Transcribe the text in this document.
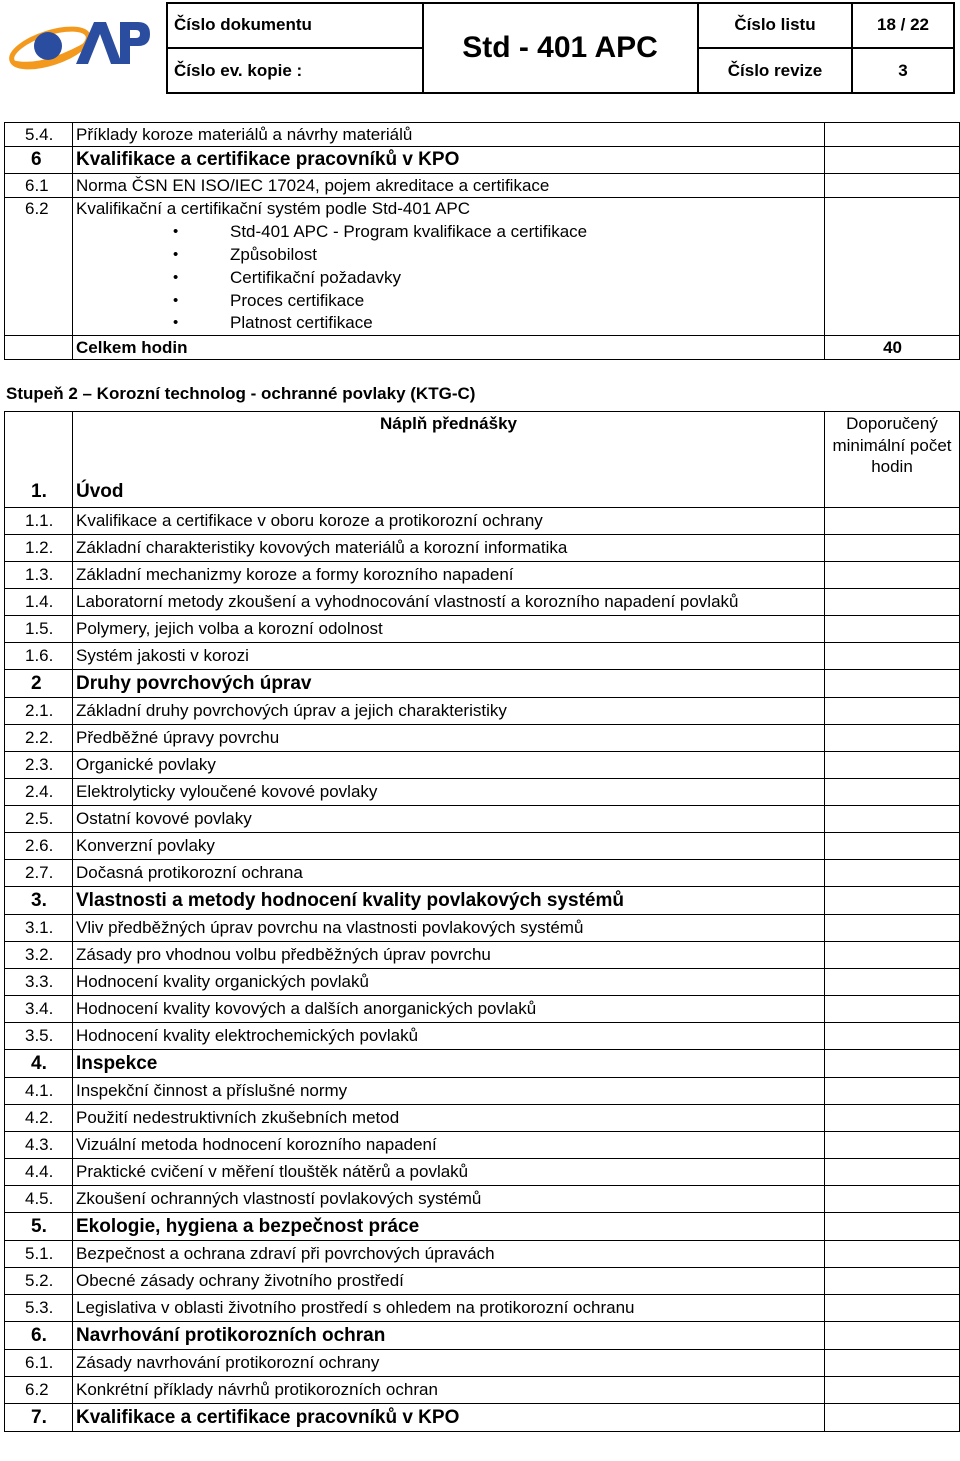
Číslo dokumentu
Číslo ev. kopie :
Std - 401 APC
Číslo listu	18 / 22
Číslo revize	3
5.4.	Příklady koroze materiálů a návrhy materiálů	
6	Kvalifikace a certifikace pracovníků v KPO	
6.1	Norma ČSN EN ISO/IEC 17024, pojem akreditace a certifikace	
6.2	Kvalifikační a certifikační systém podle Std-401 APC	
	•Std-401 APC - Program kvalifikace a certifikace	
	•Způsobilost	
	•Certifikační požadavky	
	•Proces certifikace	
	•Platnost certifikace	
	Celkem hodin	40
Stupeň 2 – Korozní technolog - ochranné povlaky (KTG-C)
	Náplň přednášky	Doporučený minimální počet hodin
1.	Úvod	
1.1.	Kvalifikace a certifikace v oboru koroze a protikorozní ochrany	
1.2.	Základní charakteristiky kovových materiálů a korozní informatika	
1.3.	Základní mechanizmy koroze a formy korozního napadení	
1.4.	Laboratorní metody zkoušení a vyhodnocování vlastností a korozního napadení povlaků	
1.5.	Polymery, jejich volba a korozní odolnost	
1.6.	Systém jakosti v korozi	
2	Druhy povrchových úprav	
2.1.	Základní druhy povrchových úprav a jejich charakteristiky	
2.2.	Předběžné úpravy povrchu	
2.3.	Organické povlaky	
2.4.	Elektrolyticky vyloučené kovové povlaky	
2.5.	Ostatní kovové povlaky	
2.6.	Konverzní povlaky	
2.7.	Dočasná protikorozní ochrana	
3.	Vlastnosti a metody hodnocení kvality povlakových systémů	
3.1.	Vliv předběžných úprav povrchu na vlastnosti povlakových systémů	
3.2.	Zásady pro vhodnou volbu předběžných úprav povrchu	
3.3.	Hodnocení kvality organických povlaků	
3.4.	Hodnocení kvality kovových a dalších anorganických povlaků	
3.5.	Hodnocení kvality elektrochemických povlaků	
4.	Inspekce	
4.1.	Inspekční činnost a příslušné normy	
4.2.	Použití nedestruktivních zkušebních metod	
4.3.	Vizuální metoda hodnocení korozního napadení	
4.4.	Praktické cvičení v měření tlouštěk nátěrů a povlaků	
4.5.	Zkoušení ochranných vlastností povlakových systémů	
5.	Ekologie, hygiena a bezpečnost práce	
5.1.	Bezpečnost a ochrana zdraví při povrchových úpravách	
5.2.	Obecné zásady ochrany životního prostředí	
5.3.	Legislativa v oblasti životního prostředí s ohledem na protikorozní ochranu	
6.	Navrhování protikorozních ochran	
6.1.	Zásady navrhování protikorozní ochrany	
6.2	Konkrétní příklady návrhů protikorozních ochran	
7.	Kvalifikace a certifikace pracovníků v KPO	
